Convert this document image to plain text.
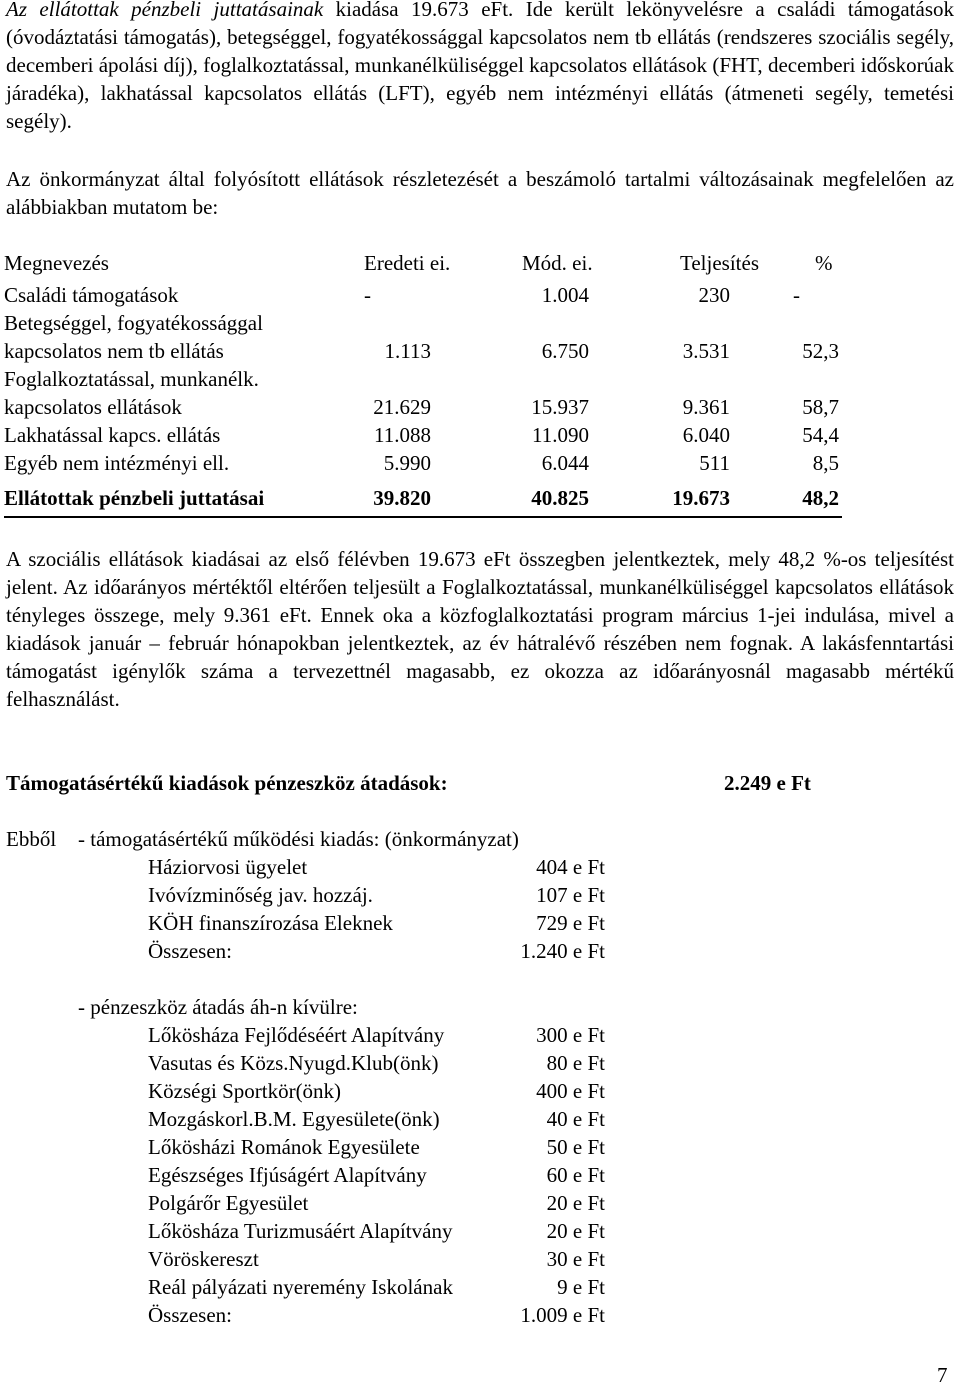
Az ellátottak pénzbeli juttatásainak kiadása 19.673 eFt. Ide került lekönyvelésre a családi támogatások (óvodáztatási támogatás), betegséggel, fogyatékossággal kapcsolatos nem tb ellátás (rendszeres szociális segély, decemberi ápolási díj), foglalkoztatással, munkanélküliséggel kapcsolatos ellátások (FHT, decemberi időskorúak járadéka), lakhatással kapcsolatos ellátás (LFT), egyéb nem intézményi ellátás (átmeneti segély, temetési segély).
Az önkormányzat által folyósított ellátások részletezését a beszámoló tartalmi változásainak megfelelően az alábbiakban mutatom be:
Megnevezés	Eredeti ei.	Mód. ei.	Teljesítés	%
Családi támogatások	-	1.004	230	-
Betegséggel, fogyatékossággal
kapcsolatos nem tb ellátás	1.113	6.750	3.531	52,3
Foglalkoztatással, munkanélk.
kapcsolatos ellátások	21.629	15.937	9.361	58,7
Lakhatással kapcs. ellátás	11.088	11.090	6.040	54,4
Egyéb nem intézményi ell.	5.990	6.044	511	8,5
Ellátottak pénzbeli juttatásai	39.820	40.825	19.673	48,2
A szociális ellátások kiadásai az első félévben 19.673 eFt összegben jelentkeztek, mely 48,2 %-os teljesítést jelent. Az időarányos mértéktől eltérően teljesült a Foglalkoztatással, munkanélküliséggel kapcsolatos ellátások tényleges összege, mely 9.361 eFt. Ennek oka a közfoglalkoztatási program március 1-jei indulása, mivel a kiadások január – február hónapokban jelentkeztek, az év hátralévő részében nem fognak. A lakásfenntartási támogatást igénylők száma a tervezettnél magasabb, ez okozza az időarányosnál magasabb mértékű felhasználást.
Támogatásértékű kiadások pénzeszköz átadások:	2.249 e Ft
Ebből - támogatásértékű működési kiadás: (önkormányzat)
Háziorvosi ügyelet	404 e Ft
Ivóvízminőség jav. hozzáj.	107 e Ft
KÖH finanszírozása Eleknek	729 e Ft
Összesen:	1.240 e Ft
- pénzeszköz átadás áh-n kívülre:
Lőkösháza Fejlődéséért Alapítvány	300 e Ft
Vasutas és Közs.Nyugd.Klub(önk)	80 e Ft
Községi Sportkör(önk)	400 e Ft
Mozgáskorl.B.M. Egyesülete(önk)	40 e Ft
Lőkösházi Románok Egyesülete	50 e Ft
Egészséges Ifjúságért Alapítvány	60 e Ft
Polgárőr Egyesület	20 e Ft
Lőkösháza Turizmusáért Alapítvány	20 e Ft
Vöröskereszt	30 e Ft
Reál pályázati nyeremény Iskolának	9 e Ft
Összesen:	1.009 e Ft
7
